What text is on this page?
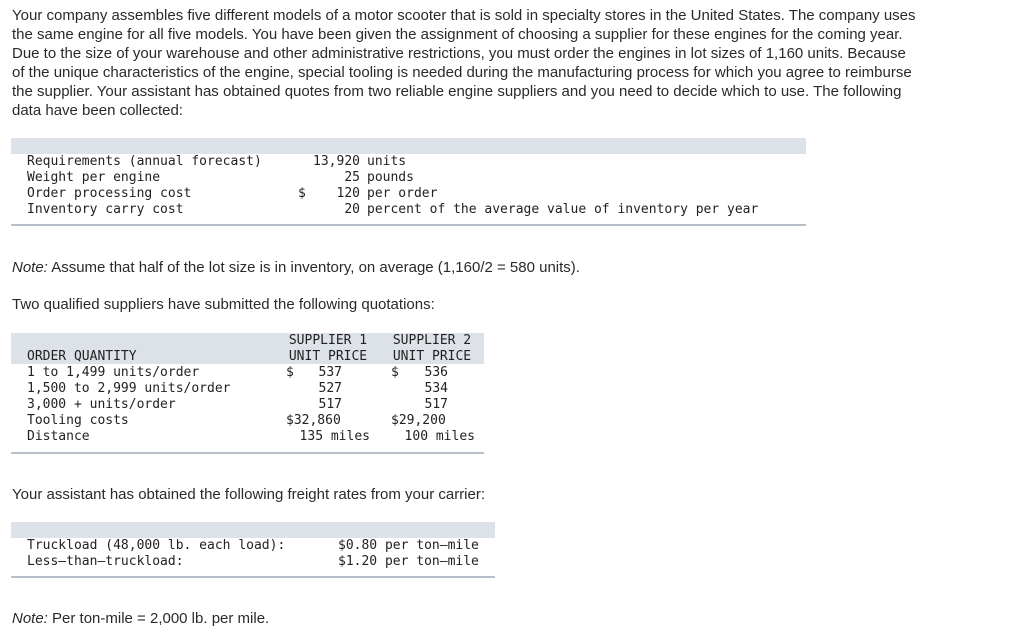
Your company assembles five different models of a motor scooter that is sold in specialty stores in the United States. The company uses the same engine for all five models. You have been given the assignment of choosing a supplier for these engines for the coming year. Due to the size of your warehouse and other administrative restrictions, you must order the engines in lot sizes of 1,160 units. Because of the unique characteristics of the engine, special tooling is needed during the manufacturing process for which you agree to reimburse the supplier. Your assistant has obtained quotes from two reliable engine suppliers and you need to decide which to use. The following data have been collected:
Requirements (annual forecast)	13,920 units
Weight per engine	25 pounds
Order processing cost	$	120 per order
Inventory carry cost	20 percent of the average value of inventory per year
Note: Assume that half of the lot size is in inventory, on average (1,160/2 = 580 units).
Two qualified suppliers have submitted the following quotations:
SUPPLIER 1	SUPPLIER 2
ORDER QUANTITY	UNIT PRICE	UNIT PRICE
1 to 1,499 units/order	$	537	$	536
1,500 to 2,999 units/order	527	534
3,000 + units/order	517	517
Tooling costs	$32,860	$29,200
Distance	135 miles	100 miles
Your assistant has obtained the following freight rates from your carrier:
Truckload (48,000 lb. each load):	$0.80 per ton–mile
Less–than–truckload:	$1.20 per ton–mile
Note: Per ton-mile = 2,000 lb. per mile.
